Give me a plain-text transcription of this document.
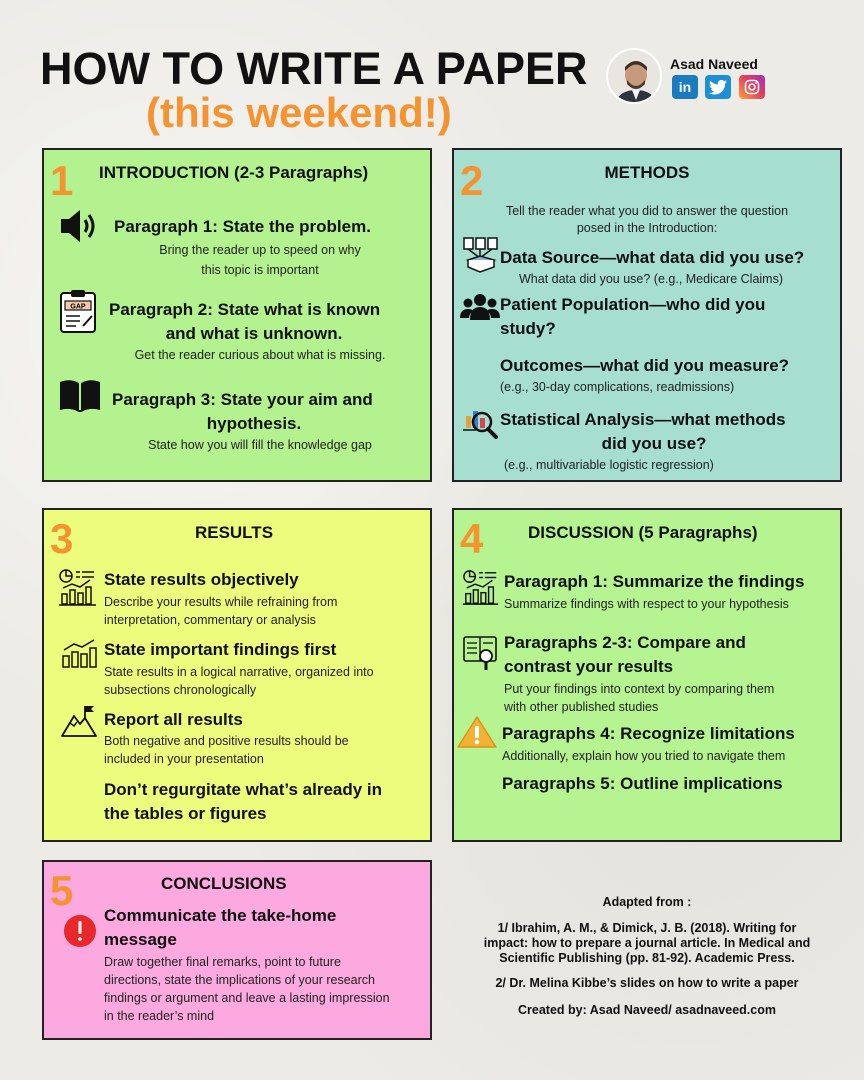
HOW TO WRITE A PAPER
(this weekend!)
Asad Naveed
in
1 INTRODUCTION (2-3 Paragraphs)
Paragraph 1: State the problem.
Bring the reader up to speed on why
this topic is important
GAP Paragraph 2: State what is known
and what is unknown.
Get the reader curious about what is missing.
Paragraph 3: State your aim and
hypothesis.
State how you will fill the knowledge gap
2	METHODS
Tell the reader what you did to answer the question
posed in the Introduction:
Data Source—what data did you use?
What data did you use? (e.g., Medicare Claims)
Patient Population—who did you
study?
Outcomes—what did you measure?
(e.g., 30-day complications, readmissions)
Statistical Analysis—what methods
did you use?
(e.g., multivariable logistic regression)
3	RESULTS
State results objectively
Describe your results while refraining from
interpretation, commentary or analysis
State important findings first
State results in a logical narrative, organized into
subsections chronologically
Report all results
Both negative and positive results should be
included in your presentation
Don’t regurgitate what’s already in
the tables or figures
4	DISCUSSION (5 Paragraphs)
Paragraph 1: Summarize the findings
Summarize findings with respect to your hypothesis
Paragraphs 2-3: Compare and
contrast your results
Put your findings into context by comparing them
with other published studies
Paragraphs 4: Recognize limitations
Additionally, explain how you tried to navigate them
Paragraphs 5: Outline implications
5	CONCLUSIONS
Communicate the take-home
message
Draw together final remarks, point to future
directions, state the implications of your research
findings or argument and leave a lasting impression
in the reader’s mind
Adapted from :
1/ Ibrahim, A. M., & Dimick, J. B. (2018). Writing for
impact: how to prepare a journal article. In Medical and
Scientific Publishing (pp. 81-92). Academic Press.
2/ Dr. Melina Kibbe’s slides on how to write a paper
Created by: Asad Naveed/ asadnaveed.com
